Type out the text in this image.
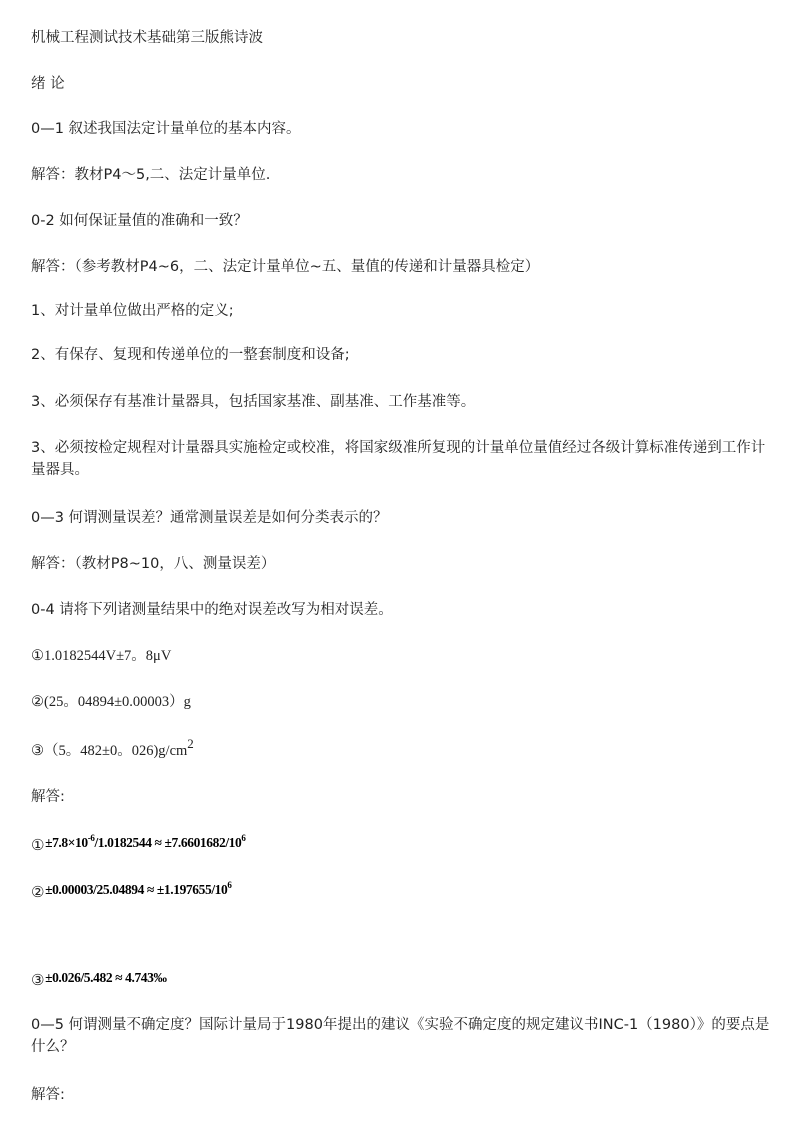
机械工程测试技术基础第三版熊诗波
绪 论
0—1 叙述我国法定计量单位的基本内容。
解答：教材P4～5,二、法定计量单位.
0-2 如何保证量值的准确和一致？
解答：（参考教材P4~6，二、法定计量单位~五、量值的传递和计量器具检定）
1、对计量单位做出严格的定义;
2、有保存、复现和传递单位的一整套制度和设备;
3、必须保存有基准计量器具，包括国家基准、副基准、工作基准等。
3、必须按检定规程对计量器具实施检定或校准，将国家级准所复现的计量单位量值经过各级计算标准传递到工作计量器具。
0—3 何谓测量误差？通常测量误差是如何分类表示的？
解答：（教材P8~10，八、测量误差）
0-4 请将下列诸测量结果中的绝对误差改写为相对误差。
①1.0182544V±7。8μV
②(25。04894±0.00003）g
③（5。482±0。$026)g/cm^2$
解答:
$①\pm 7.8\times 10^{-6}/1.0182544 \approx \pm 7.6601682/10^6$
②±0.00003/25.04894 ≈ $\pm 1.197655/10^6$
③±0.026/5.482 ≈ 4.743‰
0—5 何谓测量不确定度？国际计量局于1980年提出的建议《实验不确定度的规定建议书INC-1（1980）》的要点是什么？
解答:
